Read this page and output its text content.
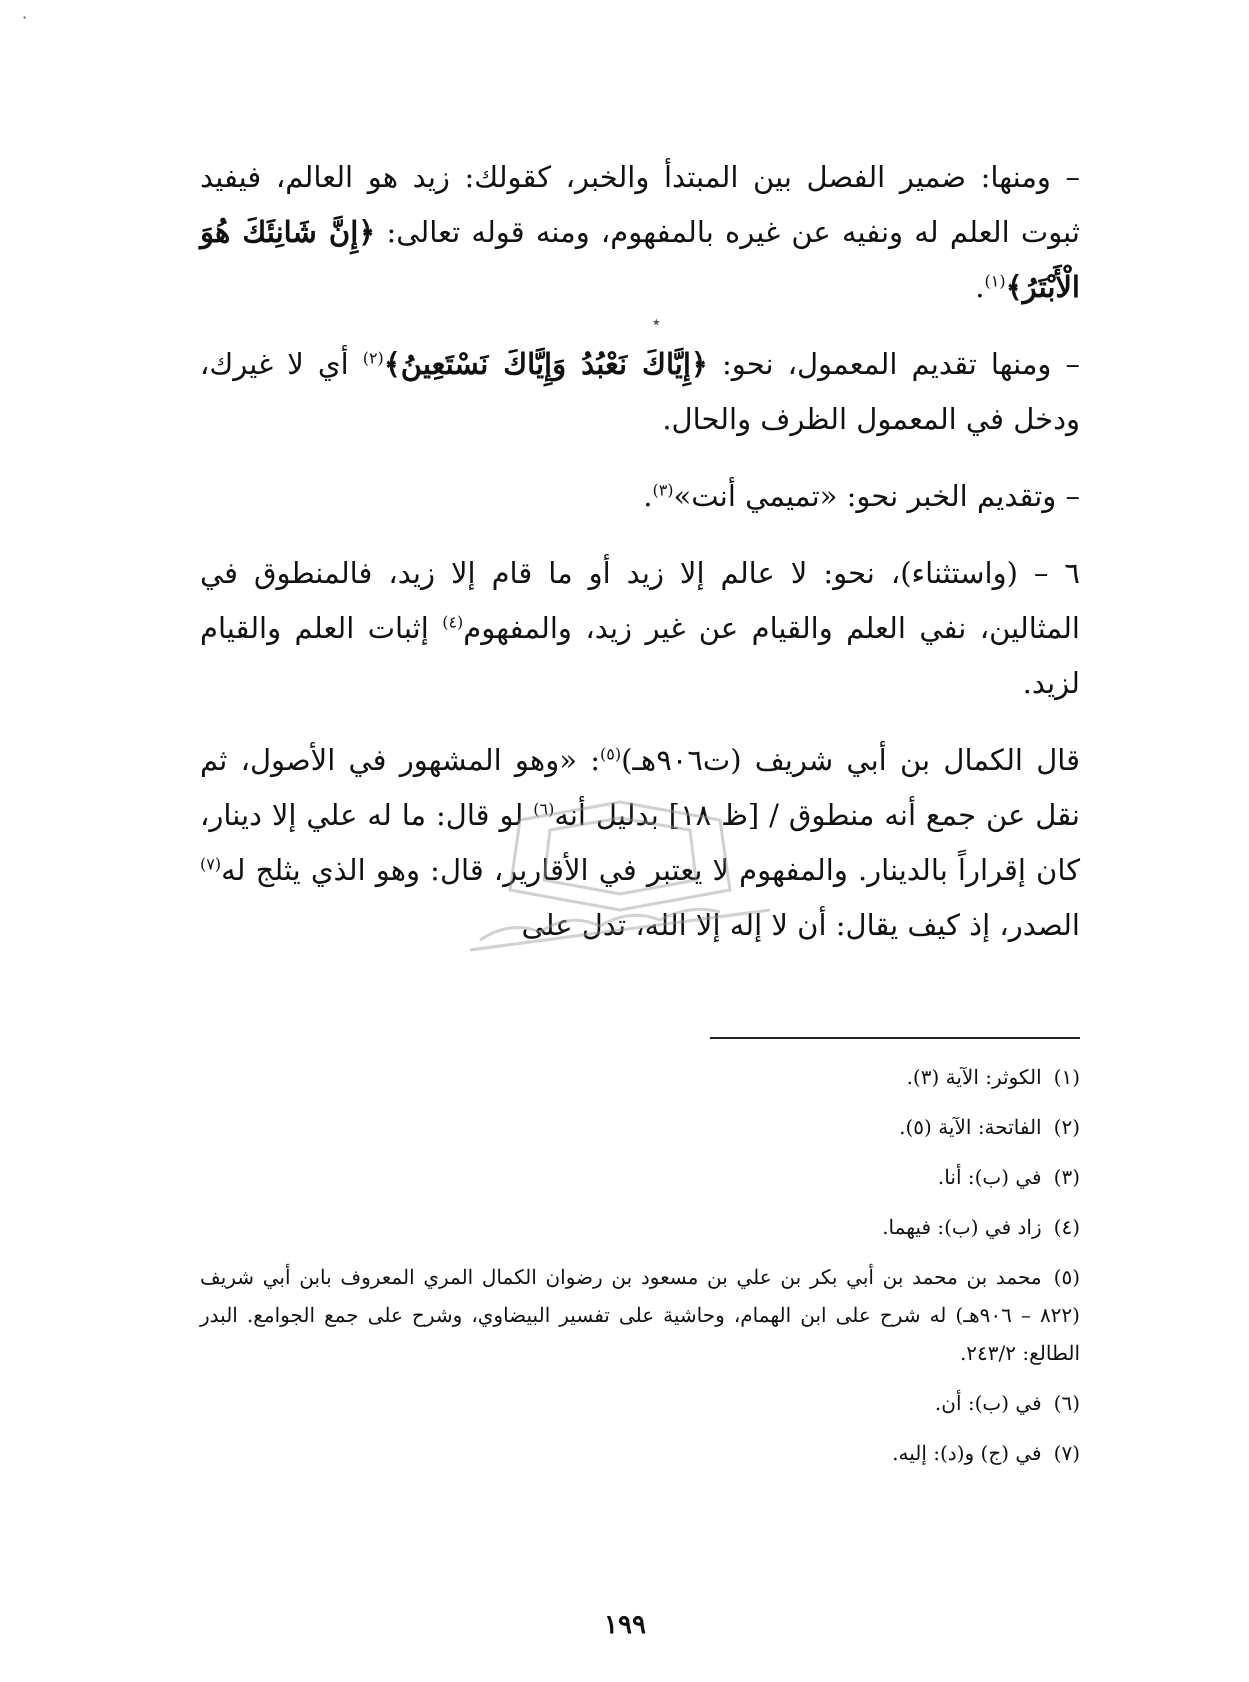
·
٭

– ومنها: ضمير الفصل بين المبتدأ والخبر، كقولك: زيد هو العالم، فيفيد ثبوت العلم له ونفيه عن غيره بالمفهوم، ومنه قوله تعالى: ﴿إِنَّ شَانِئَكَ هُوَ الْأَبْتَرُ﴾$^{(١)}$.

– ومنها تقديم المعمول، نحو: ﴿إِيَّاكَ نَعْبُدُ وَإِيَّاكَ نَسْتَعِينُ﴾$^{(٢)}$ أي لا غيرك، ودخل في المعمول الظرف والحال.

– وتقديم الخبر نحو: «تميمي أنت»$^{(٣)}$.

٦ – (واستثناء)، نحو: لا عالم إلا زيد أو ما قام إلا زيد، فالمنطوق في المثالين، نفي العلم والقيام عن غير زيد، والمفهوم$^{(٤)}$ إثبات العلم والقيام لزيد.

قال الكمال بن أبي شريف (ت٩٠٦هـ)$^{(٥)}$: «وهو المشهور في الأصول، ثم نقل عن جمع أنه منطوق / [ظ ١٨] بدليل أنه$^{(٦)}$ لو قال: ما له علي إلا دينار، كان إقراراً بالدينار. والمفهوم لا يعتبر في الأقارير، قال: وهو الذي يثلج له$^{(٧)}$ الصدر، إذ كيف يقال: أن لا إله إلا الله، تدل على

(١)الكوثر: الآية (٣).

(٢)الفاتحة: الآية (٥).

(٣)في (ب): أنا.

(٤)زاد في (ب): فيهما.

(٥)محمد بن محمد بن أبي بكر بن علي بن مسعود بن رضوان الكمال المري المعروف بابن أبي شريف (٨٢٢ – ٩٠٦هـ) له شرح على ابن الهمام، وحاشية على تفسير البيضاوي، وشرح على جمع الجوامع. البدر الطالع: ٢٤٣/٢.

(٦)في (ب): أن.

(٧)في (ج) و(د): إليه.

١٩٩
